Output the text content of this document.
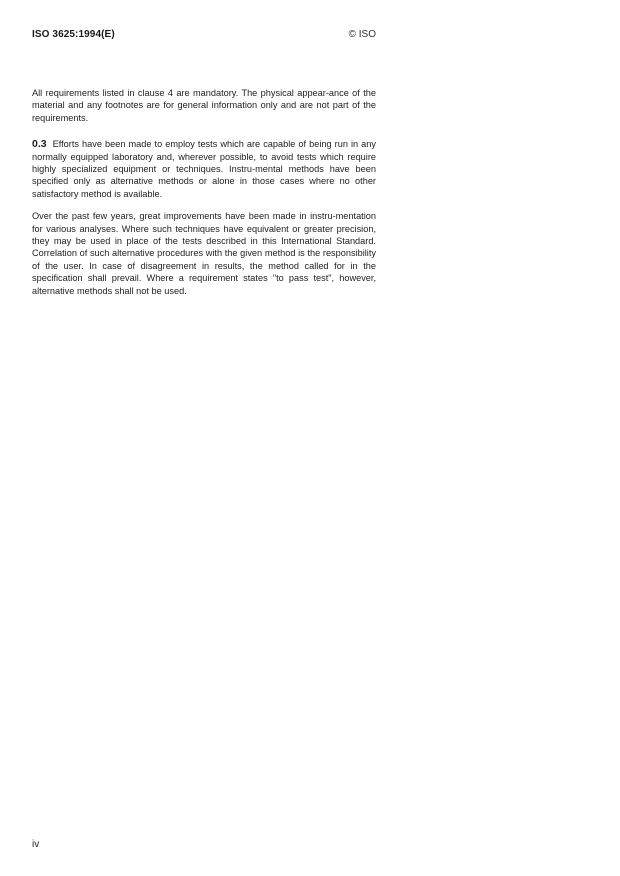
ISO 3625:1994(E)	© ISO

All requirements listed in clause 4 are mandatory. The physical appear-ance of the material and any footnotes are for general information only and are not part of the requirements.

0.3 Efforts have been made to employ tests which are capable of being run in any normally equipped laboratory and, wherever possible, to avoid tests which require highly specialized equipment or techniques. Instru-mental methods have been specified only as alternative methods or alone in those cases where no other satisfactory method is available.

Over the past few years, great improvements have been made in instru-mentation for various analyses. Where such techniques have equivalent or greater precision, they may be used in place of the tests described in this International Standard. Correlation of such alternative procedures with the given method is the responsibility of the user. In case of disagreement in results, the method called for in the specification shall prevail. Where a requirement states "to pass test", however, alternative methods shall not be used.

iv
